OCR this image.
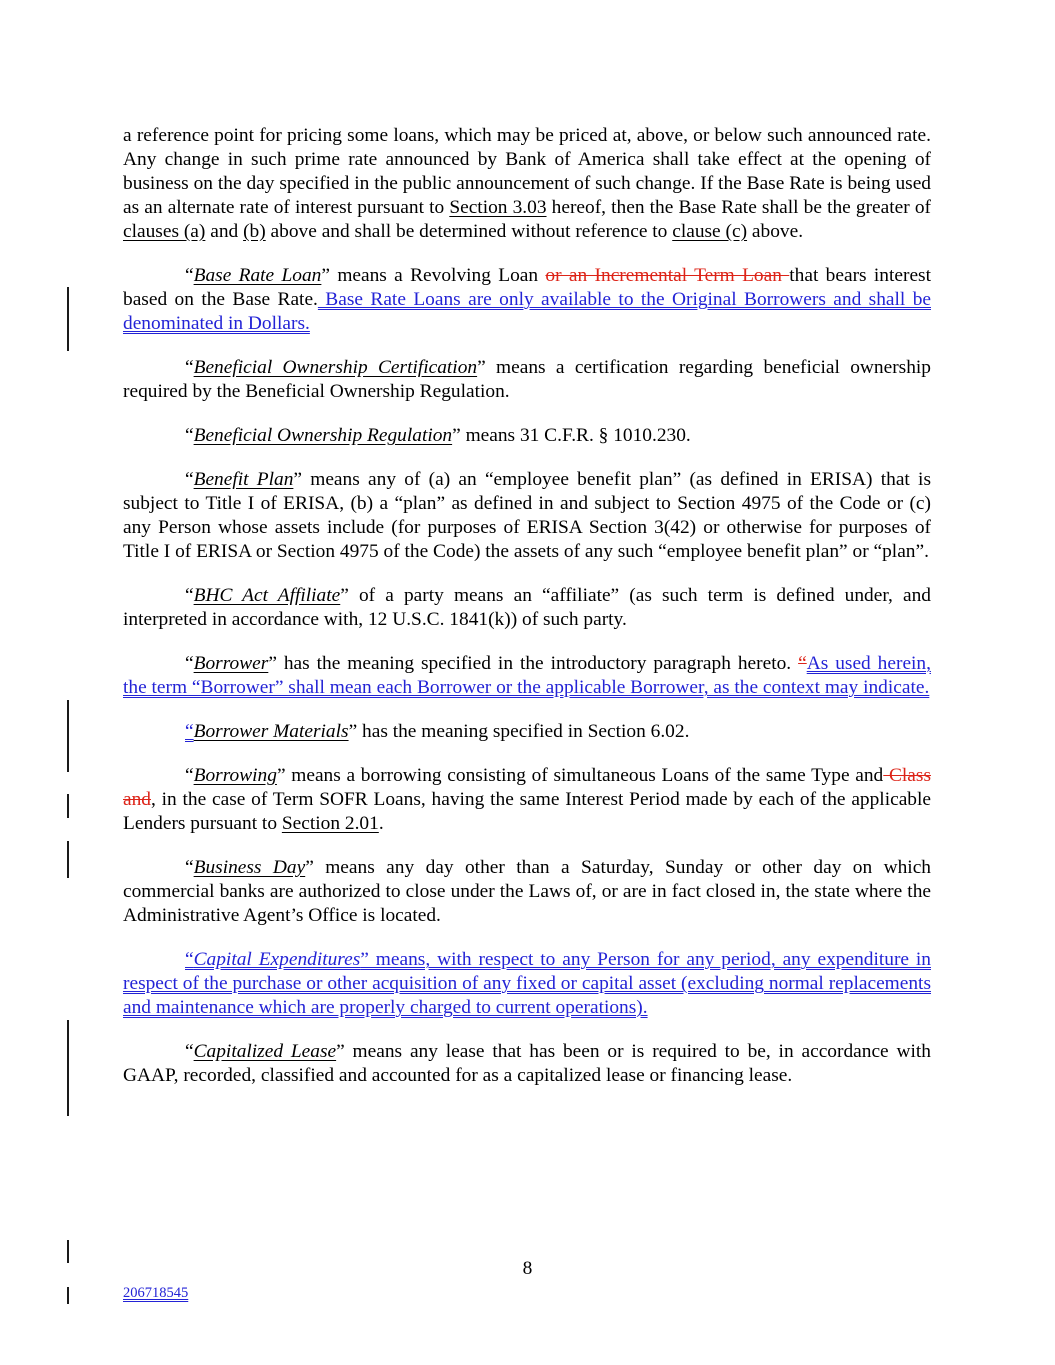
a reference point for pricing some loans, which may be priced at, above, or below such announced rate. Any change in such prime rate announced by Bank of America shall take effect at the opening of business on the day specified in the public announcement of such change. If the Base Rate is being used as an alternate rate of interest pursuant to Section 3.03 hereof, then the Base Rate shall be the greater of clauses (a) and (b) above and shall be determined without reference to clause (c) above.

“Base Rate Loan” means a Revolving Loan or an Incremental Term Loan that bears interest based on the Base Rate. Base Rate Loans are only available to the Original Borrowers and shall be denominated in Dollars.

“Beneficial Ownership Certification” means a certification regarding beneficial ownership required by the Beneficial Ownership Regulation.

“Beneficial Ownership Regulation” means 31 C.F.R. § 1010.230.

“Benefit Plan” means any of (a) an “employee benefit plan” (as defined in ERISA) that is subject to Title I of ERISA, (b) a “plan” as defined in and subject to Section 4975 of the Code or (c) any Person whose assets include (for purposes of ERISA Section 3(42) or otherwise for purposes of Title I of ERISA or Section 4975 of the Code) the assets of any such “employee benefit plan” or “plan”.

“BHC Act Affiliate” of a party means an “affiliate” (as such term is defined under, and interpreted in accordance with, 12 U.S.C. 1841(k)) of such party.

“Borrower” has the meaning specified in the introductory paragraph hereto. “As used herein, the term “Borrower” shall mean each Borrower or the applicable Borrower, as the context may indicate.

“Borrower Materials” has the meaning specified in Section 6.02.

“Borrowing” means a borrowing consisting of simultaneous Loans of the same Type and Class and, in the case of Term SOFR Loans, having the same Interest Period made by each of the applicable Lenders pursuant to Section 2.01.

“Business Day” means any day other than a Saturday, Sunday or other day on which commercial banks are authorized to close under the Laws of, or are in fact closed in, the state where the Administrative Agent’s Office is located.

“Capital Expenditures” means, with respect to any Person for any period, any expenditure in respect of the purchase or other acquisition of any fixed or capital asset (excluding normal replacements and maintenance which are properly charged to current operations).

“Capitalized Lease” means any lease that has been or is required to be, in accordance with GAAP, recorded, classified and accounted for as a capitalized lease or financing lease.

8
206718545
